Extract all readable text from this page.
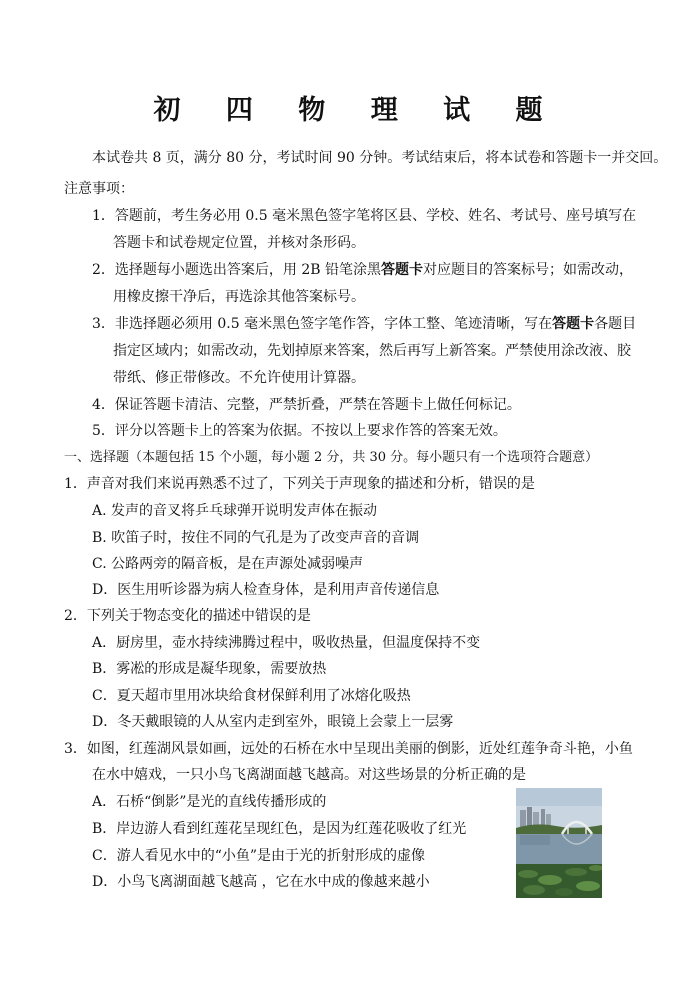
初 四 物 理 试 题
本试卷共 8 页，满分 80 分，考试时间 90 分钟。考试结束后，将本试卷和答题卡一并交回。
注意事项：
1．答题前，考生务必用 0.5 毫米黑色签字笔将区县、学校、姓名、考试号、座号填写在
答题卡和试卷规定位置，并核对条形码。
2．选择题每小题选出答案后，用 2B 铅笔涂黑答题卡对应题目的答案标号；如需改动，
用橡皮擦干净后，再选涂其他答案标号。
3．非选择题必须用 0.5 毫米黑色签字笔作答，字体工整、笔迹清晰，写在答题卡各题目
指定区域内；如需改动，先划掉原来答案，然后再写上新答案。严禁使用涂改液、胶
带纸、修正带修改。不允许使用计算器。
4．保证答题卡清洁、完整，严禁折叠，严禁在答题卡上做任何标记。
5．评分以答题卡上的答案为依据。不按以上要求作答的答案无效。
一、选择题（本题包括 15 个小题，每小题 2 分，共 30 分。每小题只有一个选项符合题意）
1．声音对我们来说再熟悉不过了，下列关于声现象的描述和分析，错误的是
A. 发声的音叉将乒乓球弹开说明发声体在振动
B. 吹笛子时，按住不同的气孔是为了改变声音的音调
C. 公路两旁的隔音板，是在声源处减弱噪声
D．医生用听诊器为病人检查身体，是利用声音传递信息
2．下列关于物态变化的描述中错误的是
A．厨房里，壶水持续沸腾过程中，吸收热量，但温度保持不变
B．雾凇的形成是凝华现象，需要放热
C．夏天超市里用冰块给食材保鲜利用了冰熔化吸热
D．冬天戴眼镜的人从室内走到室外，眼镜上会蒙上一层雾
3．如图，红莲湖风景如画，远处的石桥在水中呈现出美丽的倒影，近处红莲争奇斗艳，小鱼
在水中嬉戏，一只小鸟飞离湖面越飞越高。对这些场景的分析正确的是
A．石桥“倒影”是光的直线传播形成的
B．岸边游人看到红莲花呈现红色，是因为红莲花吸收了红光
C．游人看见水中的“小鱼”是由于光的折射形成的虚像
D．小鸟飞离湖面越飞越高 ，它在水中成的像越来越小
